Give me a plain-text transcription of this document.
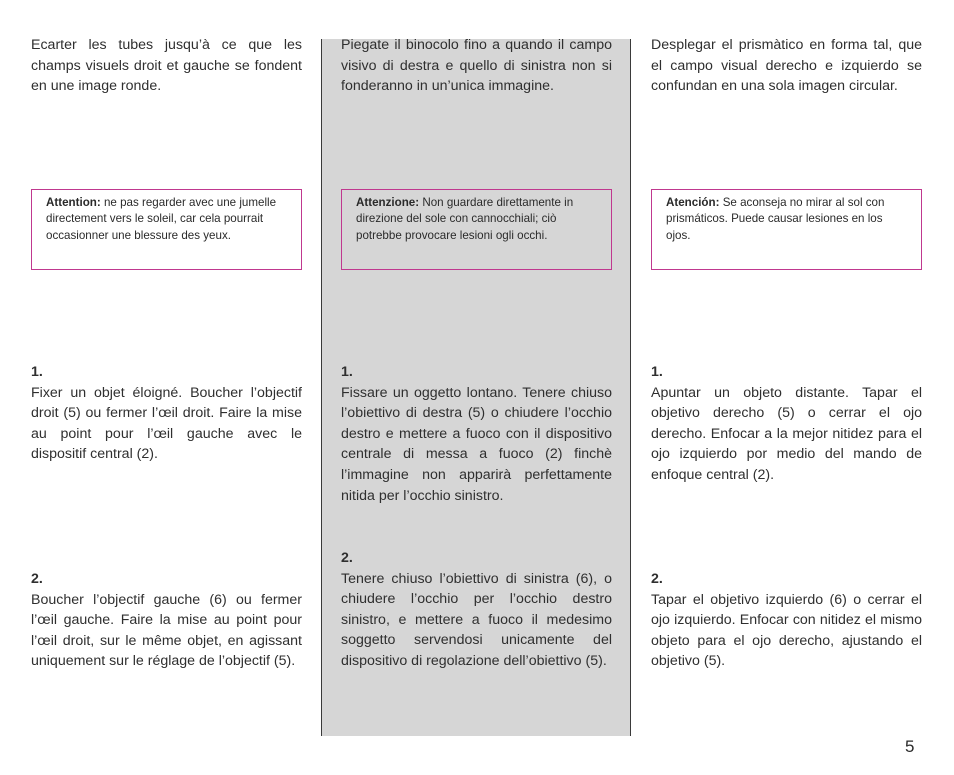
Ecarter les tubes jusqu’à ce que les champs visuels droit et gauche se fondent en une image ronde.

Attention: ne pas regarder avec une jumelle directement vers le soleil, car cela pourrait occasionner une blessure des yeux.
1.
Fixer un objet éloigné. Boucher l’objectif droit (5) ou fermer l’œil droit. Faire la mise au point pour l’œil gauche avec le dispositif central (2).
2.
Boucher l’objectif gauche (6) ou fermer l’œil gauche. Faire la mise au point pour l’œil droit, sur le même objet, en agissant uniquement sur le réglage de l’objectif (5).

Piegate il binocolo fino a quando il campo visivo di destra e quello di sinistra non si fonderanno in un’unica immagine.

Attenzione: Non guardare direttamente in direzione del sole con cannocchiali; ciò potrebbe provocare lesioni ogli occhi.
1.
Fissare un oggetto lontano. Tenere chiuso l’obiettivo di destra (5) o chiudere l’occhio destro e mettere a fuoco con il dispositivo centrale di messa a fuoco (2) finchè l’immagine non apparirà perfettamente nitida per l’occhio sinistro.
2.
Tenere chiuso l’obiettivo di sinistra (6), o chiudere l’occhio per l’occhio destro sinistro, e mettere a fuoco il medesimo soggetto servendosi unicamente del dispositivo di regolazione dell’obiettivo (5).

Desplegar el prismàtico en forma tal, que el campo visual derecho e izquierdo se confundan en una sola imagen circular.

Atención: Se aconseja no mirar al sol con prismáticos. Puede causar lesiones en los ojos.
1.
Apuntar un objeto distante. Tapar el objetivo derecho (5) o cerrar el ojo derecho. Enfocar a la mejor nitidez para el ojo izquierdo por medio del mando de enfoque central (2).
2.
Tapar el objetivo izquierdo (6) o cerrar el ojo izquierdo. Enfocar con nitidez el mismo objeto para el ojo derecho, ajustando el objetivo (5).
5
